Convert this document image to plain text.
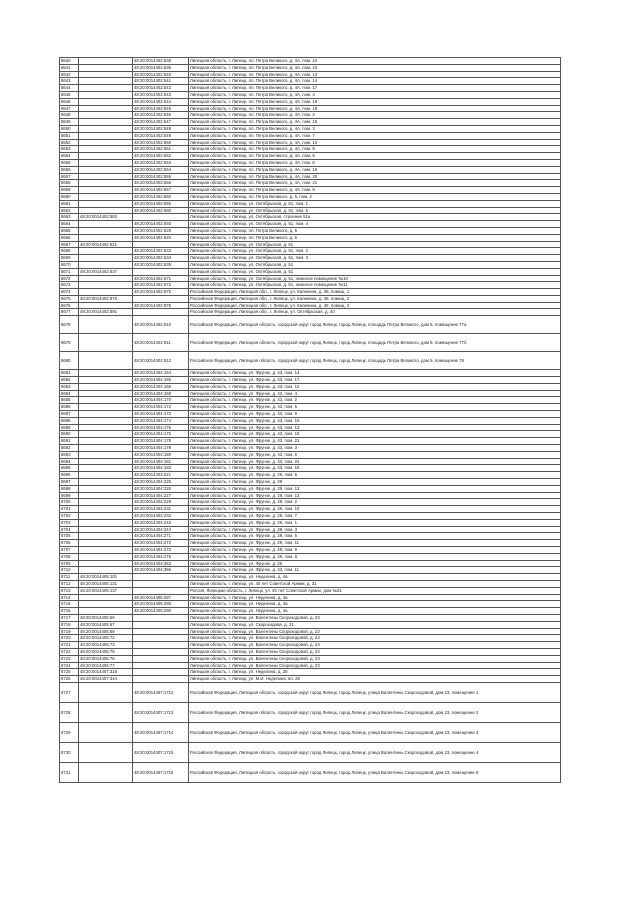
8640		48:20:0014402:538	Липецкая область, г. Липецк, пл. Петра Великого, д. 4А, пом. 24
8641		48:20:0014402:539	Липецкая область, г. Липецк, пл. Петра Великого, д. 4А, пом. 10
8642		48:20:0014402:540	Липецкая область, г. Липецк, пл. Петра Великого, д. 4А, пом. 13
8643		48:20:0014402:541	Липецкая область, г. Липецк, пл. Петра Великого, д. 4А, пом. 14
8644		48:20:0014402:542	Липецкая область, г. Липецк, пл. Петра Великого, д. 4А, пом. 17
8645		48:20:0014402:543	Липецкая область, г. Липецк, пл. Петра Великого, д. 4А, пом. 4
8646		48:20:0014402:544	Липецкая область, г. Липецк, пл. Петра Великого, д. 4А, пом. 19
8647		48:20:0014402:545	Липецкая область, г. Липецк, пл. Петра Великого, д. 4А, пом. 18
8648		48:20:0014402:546	Липецкая область, г. Липецк, пл. Петра Великого, д. 4А, пом. 2
8649		48:20:0014402:547	Липецкая область, г. Липецк, пл. Петра Великого, д. 4А, пом. 15
8650		48:20:0014402:548	Липецкая область, г. Липецк, пл. Петра Великого, д. 4А, пом. 3
8651		48:20:0014402:549	Липецкая область, г. Липецк, пл. Петра Великого, д. 4А, пом. 7
8652		48:20:0014402:550	Липецкая область, г. Липецк, пл. Петра Великого, д. 4А, пом. 12
8653		48:20:0014402:551	Липецкая область, г. Липецк, пл. Петра Великого, д. 4А, пом. 9
8654		48:20:0014402:552	Липецкая область, г. Липецк, пл. Петра Великого, д. 4А, пом. 5
8655		48:20:0014402:553	Липецкая область, г. Липецк, пл. Петра Великого, д. 4А, пом. 6
8656		48:20:0014402:554	Липецкая область, г. Липецк, пл. Петра Великого, д. 4А, пом. 16
8657		48:20:0014402:555	Липецкая область, г. Липецк, пл. Петра Великого, д. 4А, пом. 20
8658		48:20:0014402:556	Липецкая область, г. Липецк, пл. Петра Великого, д. 4А, пом. 21
8659		48:20:0014402:557	Липецкая область, г. Липецк, пл. Петра Великого, д. 4А, пом. 8
8660		48:20:0014402:560	Липецкая область, г. Липецк, пл. Петра Великого, д. 5, пом. 2
8661		48:20:0014402:565	Липецкая область, г. Липецк, ул. Октябрьская, д. 51, пом. 1
8662		48:20:0014402:580	Липецкая область, г. Липецк, ул. Октябрьская, д. 51, пом. 6
8663	48:20:0014402:583		Липецкая область, г. Липецк, ул. Октябрьская, строение 51а
8664		48:20:0014402:593	Липецкая область, г. Липецк, ул. Октябрьская, д. 51, пом. 4
8665		48:20:0014402:628	Липецкая область, г. Липецк, пл. Петра Великого, д. 5
8666		48:20:0014402:620	Липецкая область, г. Липецк, пл. Петра Великого, д. 5
8667	48:20:0014402:621		Липецкая область, г. Липецк, ул. Октябрьская, д. 51
8668		48:20:0014402:633	Липецкая область, г. Липецк, ул. Октябрьская, д. 51, пом. 2
8669		48:20:0014402:634	Липецкая область, г. Липецк, ул. Октябрьская, д. 51, пом. 3
8670		48:20:0014402:635	Липецкая область, г. Липецк, ул. Октябрьская, д. 51
8671	48:20:0014402:637		Липецкая область, г. Липецк, ул. Октябрьская, д. 51
8672		48:20:0014402:671	Липецкая область, г. Липецк, ул. Октябрьская, д. 51, нежилое помещение №10
8673		48:20:0014402:672	Липецкая область, г. Липецк, ул. Октябрьская, д. 51, нежилое помещение №11
8674		48:20:0014402:875	Российская Федерация, Липецкая обл., г. Липецк, ул. Калинина, д. 38, помещ. 1
8675	48:20:0014402:876		Российская Федерация, Липецкая обл., г. Липецк, ул. Калинина, д. 38, помещ. 2
8676		48:20:0014402:878	Российская Федерация, Липецкая обл., г. Липецк, ул. Калинина, д. 38, помещ. 3
8677	48:20:0014402:891		Российская Федерация, Липецкая обл., г. Липецк, ул. Октябрьская, д. 40
8678		48:20:0014402:910	Российская Федерация, Липецкая область, городской округ город Липецк, город Липецк, площадь Петра Великого, дом 5, помещение 77а
8679		48:20:0014402:911	Российская Федерация, Липецкая область, городской округ город Липецк, город Липецк, площадь Петра Великого, дом 5, помещение 77б
8680		48:20:0014402:912	Российская Федерация, Липецкая область, городской округ город Липецк, город Липецк, площадь Петра Великого, дом 5, помещение 78
8681		48:20:0014404:164	Липецкая область, г. Липецк, ул. Фрунзе, д. 43, пом. 14
8682		48:20:0014404:165	Липецкая область, г. Липецк, ул. Фрунзе, д. 43, пом. 17
8683		48:20:0014404:166	Липецкая область, г. Липецк, ул. Фрунзе, д. 43, пом. 12
8684		48:20:0014404:168	Липецкая область, г. Липецк, ул. Фрунзе, д. 43, пом. 4
8685		48:20:0014404:170	Липецкая область, г. Липецк, ул. Фрунзе, д. 43, пом. 2
8686		48:20:0014404:172	Липецкая область, г. Липецк, ул. Фрунзе, д. 43, пом. 5
8687		48:20:0014404:173	Липецкая область, г. Липецк, ул. Фрунзе, д. 43, пом. 9
8688		48:20:0014404:174	Липецкая область, г. Липецк, ул. Фрунзе, д. 43, пом. 16
8689		48:20:0014404:175	Липецкая область, г. Липецк, ул. Фрунзе, д. 43, пом. 13
8690		48:20:0014404:176	Липецкая область, г. Липецк, ул. Фрунзе, д. 43, пом. 15
8691		48:20:0014404:178	Липецкая область, г. Липецк, ул. Фрунзе, д. 43, пом. 21
8692		48:20:0014404:179	Липецкая область, г. Липецк, ул. Фрунзе, д. 43, пом. 3
8693		48:20:0014404:180	Липецкая область, г. Липецк, ул. Фрунзе, д. 43, пом. 6
8694		48:20:0014404:181	Липецкая область, г. Липецк, ул. Фрунзе, д. 43, пом. 24
8695		48:20:0014404:183	Липецкая область, г. Липецк, ул. Фрунзе, д. 43, пом. 18
8696		48:20:0014404:221	Липецкая область, г. Липецк, ул. Фрунзе, д. 29, пом. 5
8697		48:20:0014404:225	Липецкая область, г. Липецк, ул. Фрунзе, д. 29
8698		48:20:0014404:226	Липецкая область, г. Липецк, ул. Фрунзе, д. 29, пом. 12
8699		48:20:0014404:227	Липецкая область, г. Липецк, ул. Фрунзе, д. 29, пом. 13
8700		48:20:0014404:229	Липецкая область, г. Липецк, ул. Фрунзе, д. 29, пом. 2
8701		48:20:0014404:231	Липецкая область, г. Липецк, ул. Фрунзе, д. 29, пом. 10
8702		48:20:0014404:232	Липецкая область, г. Липецк, ул. Фрунзе, д. 29, пом. 7
8703		48:20:0014404:242	Липецкая область, г. Липецк, ул. Фрунзе, д. 29, пом. 1
8704		48:20:0014404:244	Липецкая область, г. Липецк, ул. Фрунзе, д. 29, пом. 3
8705		48:20:0014404:271	Липецкая область, г. Липецк, ул. Фрунзе, д. 29, пом. 6
8706		48:20:0014404:272	Липецкая область, г. Липецк, ул. Фрунзе, д. 29, пом. 11
8707		48:20:0014404:273	Липецкая область, г. Липецк, ул. Фрунзе, д. 29, пом. 9
8708		48:20:0014404:275	Липецкая область, г. Липецк, ул. Фрунзе, д. 29, пом. 8
8709		48:20:0014404:363	Липецкая область, г. Липецк, ул. Фрунзе, д. 29
8710		48:20:0014404:366	Липецкая область, г. Липецк, ул. Фрунзе, д. 43, пом. 11
8711	48:20:0014405:101		Липецкая область, г. Липецк, ул. Неделина, д. 4а
8712	48:20:0014405:131		Липецкая область, г. Липецк, ул. 40 лет Советской Армии, д. 31
8713	48:20:0014405:137		Россия, Липецкая область, г. Липецк, ул. 40 лет Советской Армии, дом №31
8714		48:20:0014405:287	Липецкая область, г. Липецк, ул. Неделина, д. 4а
8715		48:20:0014405:288	Липецкая область, г. Липецк, ул. Неделина, д. 4а
8716		48:20:0014405:290	Липецкая область, г. Липецк, ул. Неделина, д. 4а
8717	48:20:0014405:66		Липецкая область, г. Липецк, ул. Валентины Скороходовой, д. 23
8718	48:20:0014405:67		Липецкая область, г. Липецк, ул. Скороходова, д. 21
8719	48:20:0014405:68		Липецкая область, г. Липецк, ул. Валентины Скороходовой, д. 23
8720	48:20:0014405:72		Липецкая область, г. Липецк, ул. Валентины Скороходовой, д. 23
8721	48:20:0014405:73		Липецкая область, г. Липецк, ул. Валентины Скороходовой, д. 23
8722	48:20:0014405:75		Липецкая область, г. Липецк, ул. Валентины Скороходовой, д. 23
8723	48:20:0014405:76		Липецкая область, г. Липецк, ул. Валентины Скороходовой, д. 23
8724	48:20:0014405:77		Липецкая область, г. Липецк, ул. Валентины Скороходовой, д. 23
8725	48:20:0014407:318		Липецкая область, г. Липецк, ул. Неделина, д. 28
8726	48:20:0014407:344		Липецкая область, г. Липецк, ул. М.И. Неделина, вл. 28
8727		48:20:0014407:1712	Российская Федерация, Липецкая область, городской округ город Липецк, город Липецк, улица Валентины Скороходовой, дом 23, помещение 1
8728		48:20:0014407:1713	Российская Федерация, Липецкая область, городской округ город Липецк, город Липецк, улица Валентины Скороходовой, дом 23, помещение 2
8729		48:20:0014407:1714	Российская Федерация, Липецкая область, городской округ город Липецк, город Липецк, улица Валентины Скороходовой, дом 23, помещение 3
8730		48:20:0014407:1715	Российская Федерация, Липецкая область, городской округ город Липецк, город Липецк, улица Валентины Скороходовой, дом 23, помещение 4
8731		48:20:0014407:1716	Российская Федерация, Липецкая область, городской округ город Липецк, город Липецк, улица Валентины Скороходовой, дом 23, помещение 5
